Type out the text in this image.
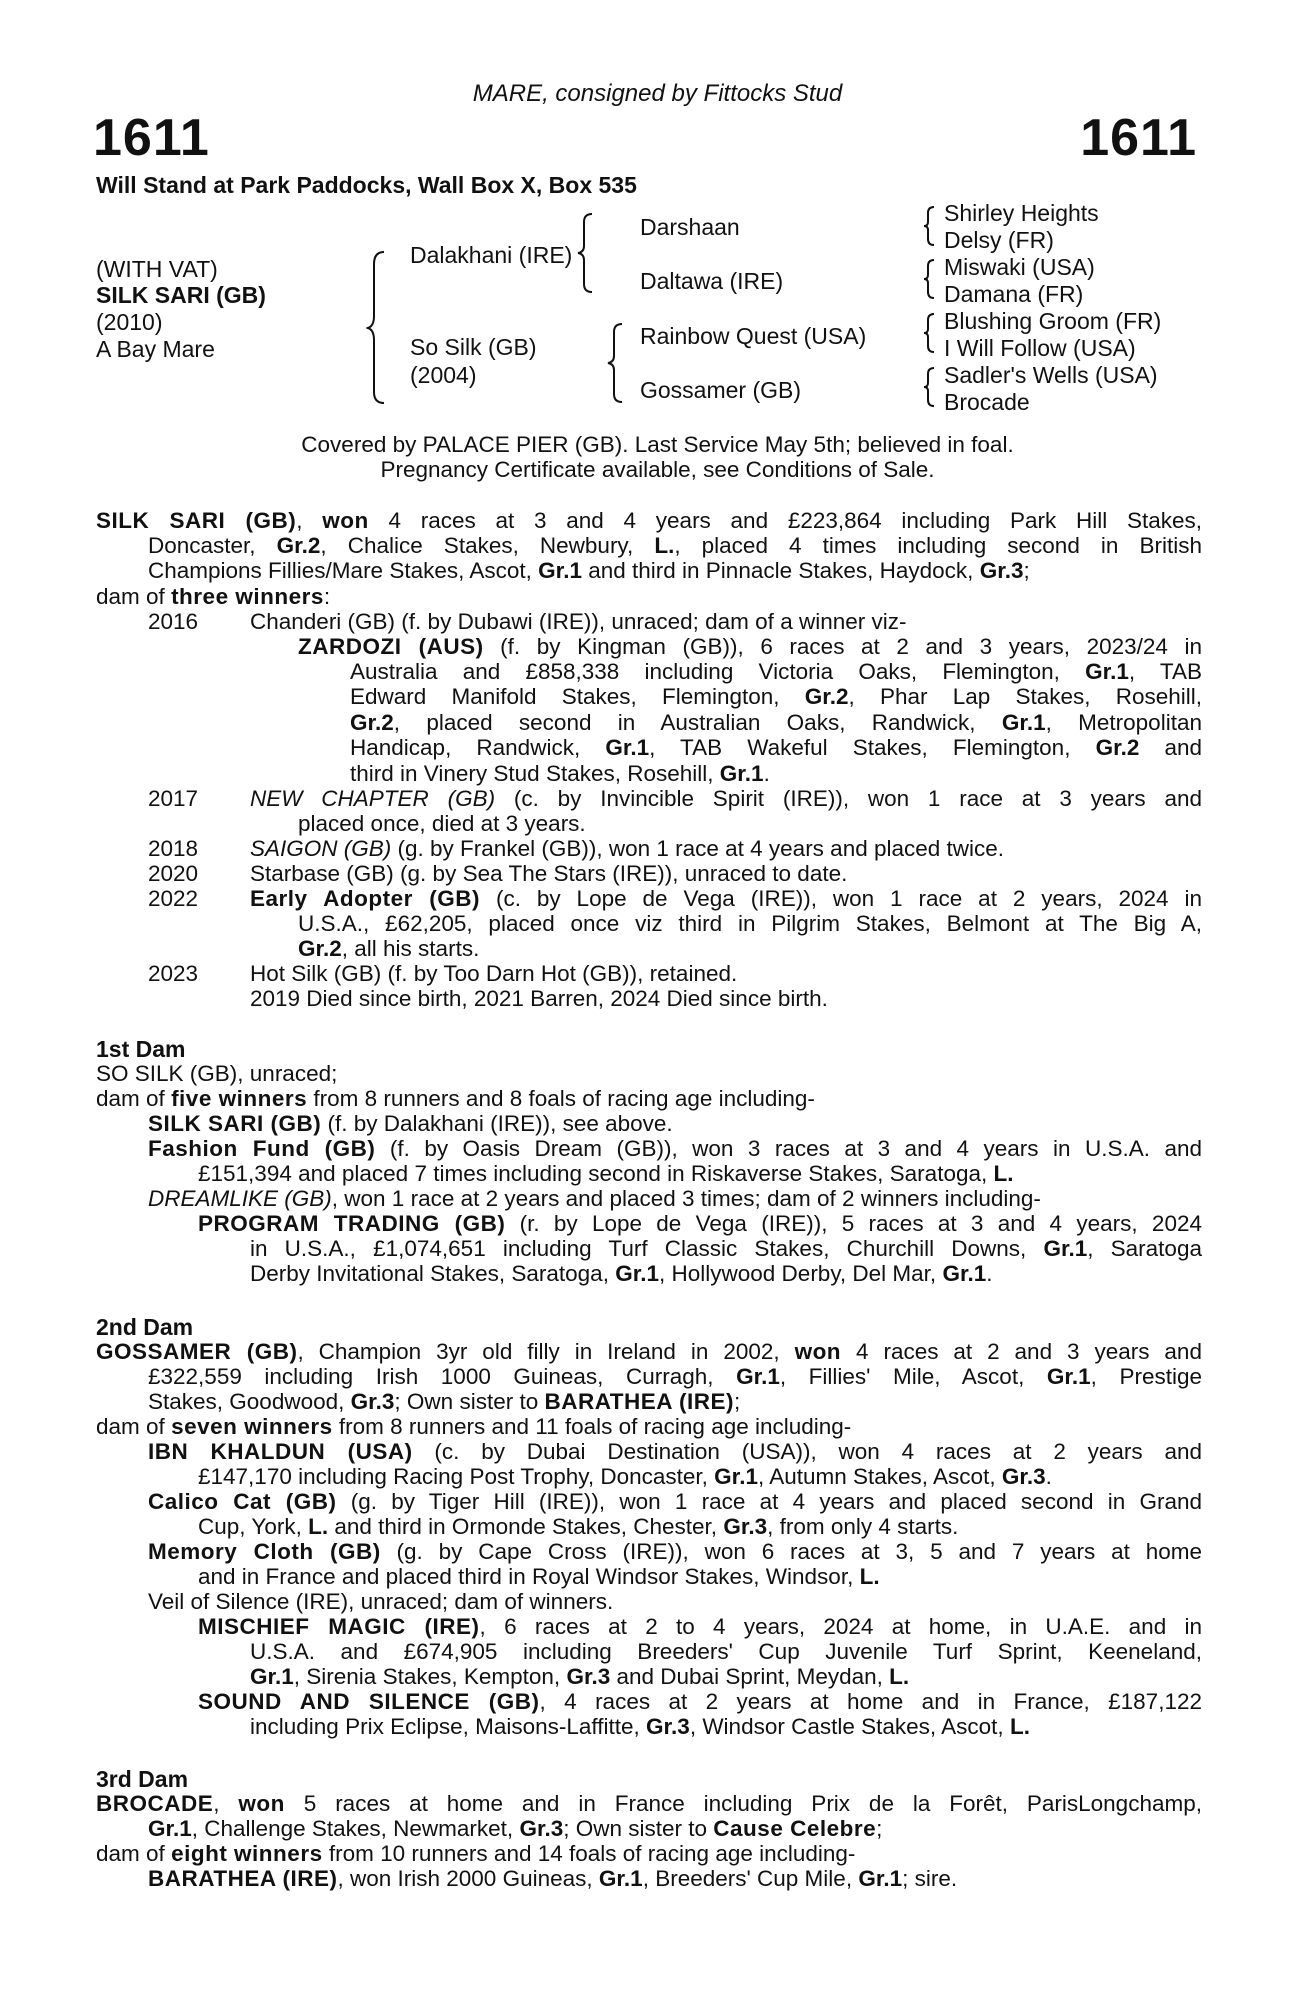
MARE, consigned by Fittocks Stud
1611	1611
Will Stand at Park Paddocks, Wall Box X, Box 535
(WITH VAT)
SILK SARI (GB)
(2010)
A Bay Mare
Dalakhani (IRE)
So Silk (GB)
(2004)
Darshaan
Daltawa (IRE)
Rainbow Quest (USA)
Gossamer (GB)
Shirley Heights
Delsy (FR)
Miswaki (USA)
Damana (FR)
Blushing Groom (FR)
I Will Follow (USA)
Sadler's Wells (USA)
Brocade
Covered by PALACE PIER (GB). Last Service May 5th; believed in foal.
Pregnancy Certificate available, see Conditions of Sale.
SILK SARI (GB), won 4 races at 3 and 4 years and £223,864 including Park Hill Stakes,
Doncaster, Gr.2, Chalice Stakes, Newbury, L., placed 4 times including second in British
Champions Fillies/Mare Stakes, Ascot, Gr.1 and third in Pinnacle Stakes, Haydock, Gr.3;
dam of three winners:
2016 Chanderi (GB) (f. by Dubawi (IRE)), unraced; dam of a winner viz-
ZARDOZI (AUS) (f. by Kingman (GB)), 6 races at 2 and 3 years, 2023/24 in
Australia and £858,338 including Victoria Oaks, Flemington, Gr.1, TAB
Edward Manifold Stakes, Flemington, Gr.2, Phar Lap Stakes, Rosehill,
Gr.2, placed second in Australian Oaks, Randwick, Gr.1, Metropolitan
Handicap, Randwick, Gr.1, TAB Wakeful Stakes, Flemington, Gr.2 and
third in Vinery Stud Stakes, Rosehill, Gr.1.
2017 NEW CHAPTER (GB) (c. by Invincible Spirit (IRE)), won 1 race at 3 years and
placed once, died at 3 years.
2018 SAIGON (GB) (g. by Frankel (GB)), won 1 race at 4 years and placed twice.
2020 Starbase (GB) (g. by Sea The Stars (IRE)), unraced to date.
2022 Early Adopter (GB) (c. by Lope de Vega (IRE)), won 1 race at 2 years, 2024 in
U.S.A., £62,205, placed once viz third in Pilgrim Stakes, Belmont at The Big A,
Gr.2, all his starts.
2023 Hot Silk (GB) (f. by Too Darn Hot (GB)), retained.
2019 Died since birth, 2021 Barren, 2024 Died since birth.
1st Dam
SO SILK (GB), unraced;
dam of five winners from 8 runners and 8 foals of racing age including-
SILK SARI (GB) (f. by Dalakhani (IRE)), see above.
Fashion Fund (GB) (f. by Oasis Dream (GB)), won 3 races at 3 and 4 years in U.S.A. and
£151,394 and placed 7 times including second in Riskaverse Stakes, Saratoga, L.
DREAMLIKE (GB), won 1 race at 2 years and placed 3 times; dam of 2 winners including-
PROGRAM TRADING (GB) (r. by Lope de Vega (IRE)), 5 races at 3 and 4 years, 2024
in U.S.A., £1,074,651 including Turf Classic Stakes, Churchill Downs, Gr.1, Saratoga
Derby Invitational Stakes, Saratoga, Gr.1, Hollywood Derby, Del Mar, Gr.1.
2nd Dam
GOSSAMER (GB), Champion 3yr old filly in Ireland in 2002, won 4 races at 2 and 3 years and
£322,559 including Irish 1000 Guineas, Curragh, Gr.1, Fillies' Mile, Ascot, Gr.1, Prestige
Stakes, Goodwood, Gr.3; Own sister to BARATHEA (IRE);
dam of seven winners from 8 runners and 11 foals of racing age including-
IBN KHALDUN (USA) (c. by Dubai Destination (USA)), won 4 races at 2 years and
£147,170 including Racing Post Trophy, Doncaster, Gr.1, Autumn Stakes, Ascot, Gr.3.
Calico Cat (GB) (g. by Tiger Hill (IRE)), won 1 race at 4 years and placed second in Grand
Cup, York, L. and third in Ormonde Stakes, Chester, Gr.3, from only 4 starts.
Memory Cloth (GB) (g. by Cape Cross (IRE)), won 6 races at 3, 5 and 7 years at home
and in France and placed third in Royal Windsor Stakes, Windsor, L.
Veil of Silence (IRE), unraced; dam of winners.
MISCHIEF MAGIC (IRE), 6 races at 2 to 4 years, 2024 at home, in U.A.E. and in
U.S.A. and £674,905 including Breeders' Cup Juvenile Turf Sprint, Keeneland,
Gr.1, Sirenia Stakes, Kempton, Gr.3 and Dubai Sprint, Meydan, L.
SOUND AND SILENCE (GB), 4 races at 2 years at home and in France, £187,122
including Prix Eclipse, Maisons-Laffitte, Gr.3, Windsor Castle Stakes, Ascot, L.
3rd Dam
BROCADE, won 5 races at home and in France including Prix de la Forêt, ParisLongchamp,
Gr.1, Challenge Stakes, Newmarket, Gr.3; Own sister to Cause Celebre;
dam of eight winners from 10 runners and 14 foals of racing age including-
BARATHEA (IRE), won Irish 2000 Guineas, Gr.1, Breeders' Cup Mile, Gr.1; sire.
